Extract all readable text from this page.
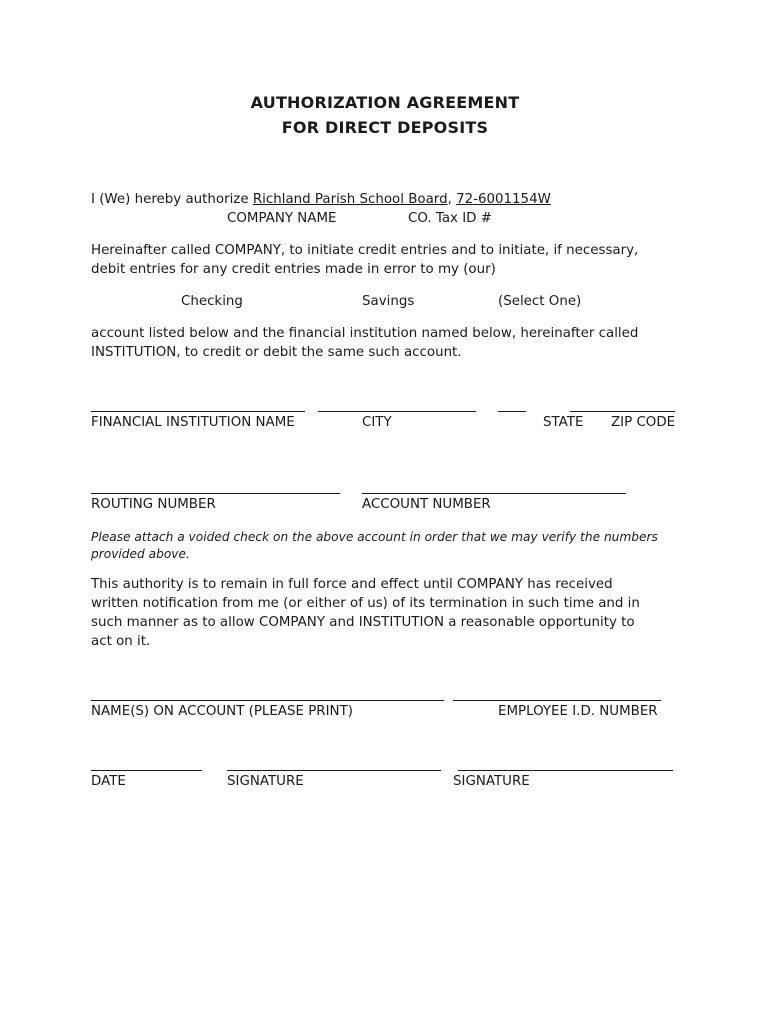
AUTHORIZATION AGREEMENT
FOR DIRECT DEPOSITS
I (We) hereby authorize Richland Parish School Board, 72-6001154W
COMPANY NAME	CO. Tax ID #
Hereinafter called COMPANY, to initiate credit entries and to initiate, if necessary,
debit entries for any credit entries made in error to my (our)
Checking	Savings	(Select One)
account listed below and the financial institution named below, hereinafter called
INSTITUTION, to credit or debit the same such account.
FINANCIAL INSTITUTION NAME	CITY	STATE ZIP CODE
ROUTING NUMBER	ACCOUNT NUMBER
Please attach a voided check on the above account in order that we may verify the numbers
provided above.
This authority is to remain in full force and effect until COMPANY has received
written notification from me (or either of us) of its termination in such time and in
such manner as to allow COMPANY and INSTITUTION a reasonable opportunity to
act on it.
NAME(S) ON ACCOUNT (PLEASE PRINT)	EMPLOYEE I.D. NUMBER
DATE	SIGNATURE	SIGNATURE
